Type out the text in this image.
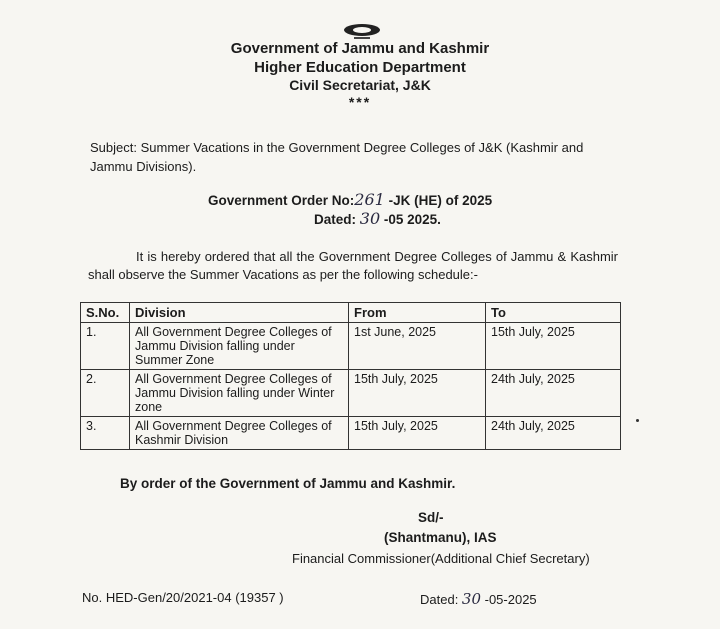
Government of Jammu and Kashmir
Higher Education Department
Civil Secretariat, J&K
***
Subject: Summer Vacations in the Government Degree Colleges of J&K (Kashmir and Jammu Divisions).
Government Order No:261 -JK (HE) of 2025
Dated: 30 -05 2025.
It is hereby ordered that all the Government Degree Colleges of Jammu & Kashmir shall observe the Summer Vacations as per the following schedule:-
S.No.	Division	From	To
1.	All Government Degree Colleges of Jammu Division falling under Summer Zone	1st June, 2025	15th July, 2025
2.	All Government Degree Colleges of Jammu Division falling under Winter zone	15th July, 2025	24th July, 2025
3.	All Government Degree Colleges of Kashmir Division	15th July, 2025	24th July, 2025
By order of the Government of Jammu and Kashmir.
Sd/-
(Shantmanu), IAS
Financial Commissioner(Additional Chief Secretary)
No. HED-Gen/20/2021-04 (19357 )	Dated: 30 -05-2025
